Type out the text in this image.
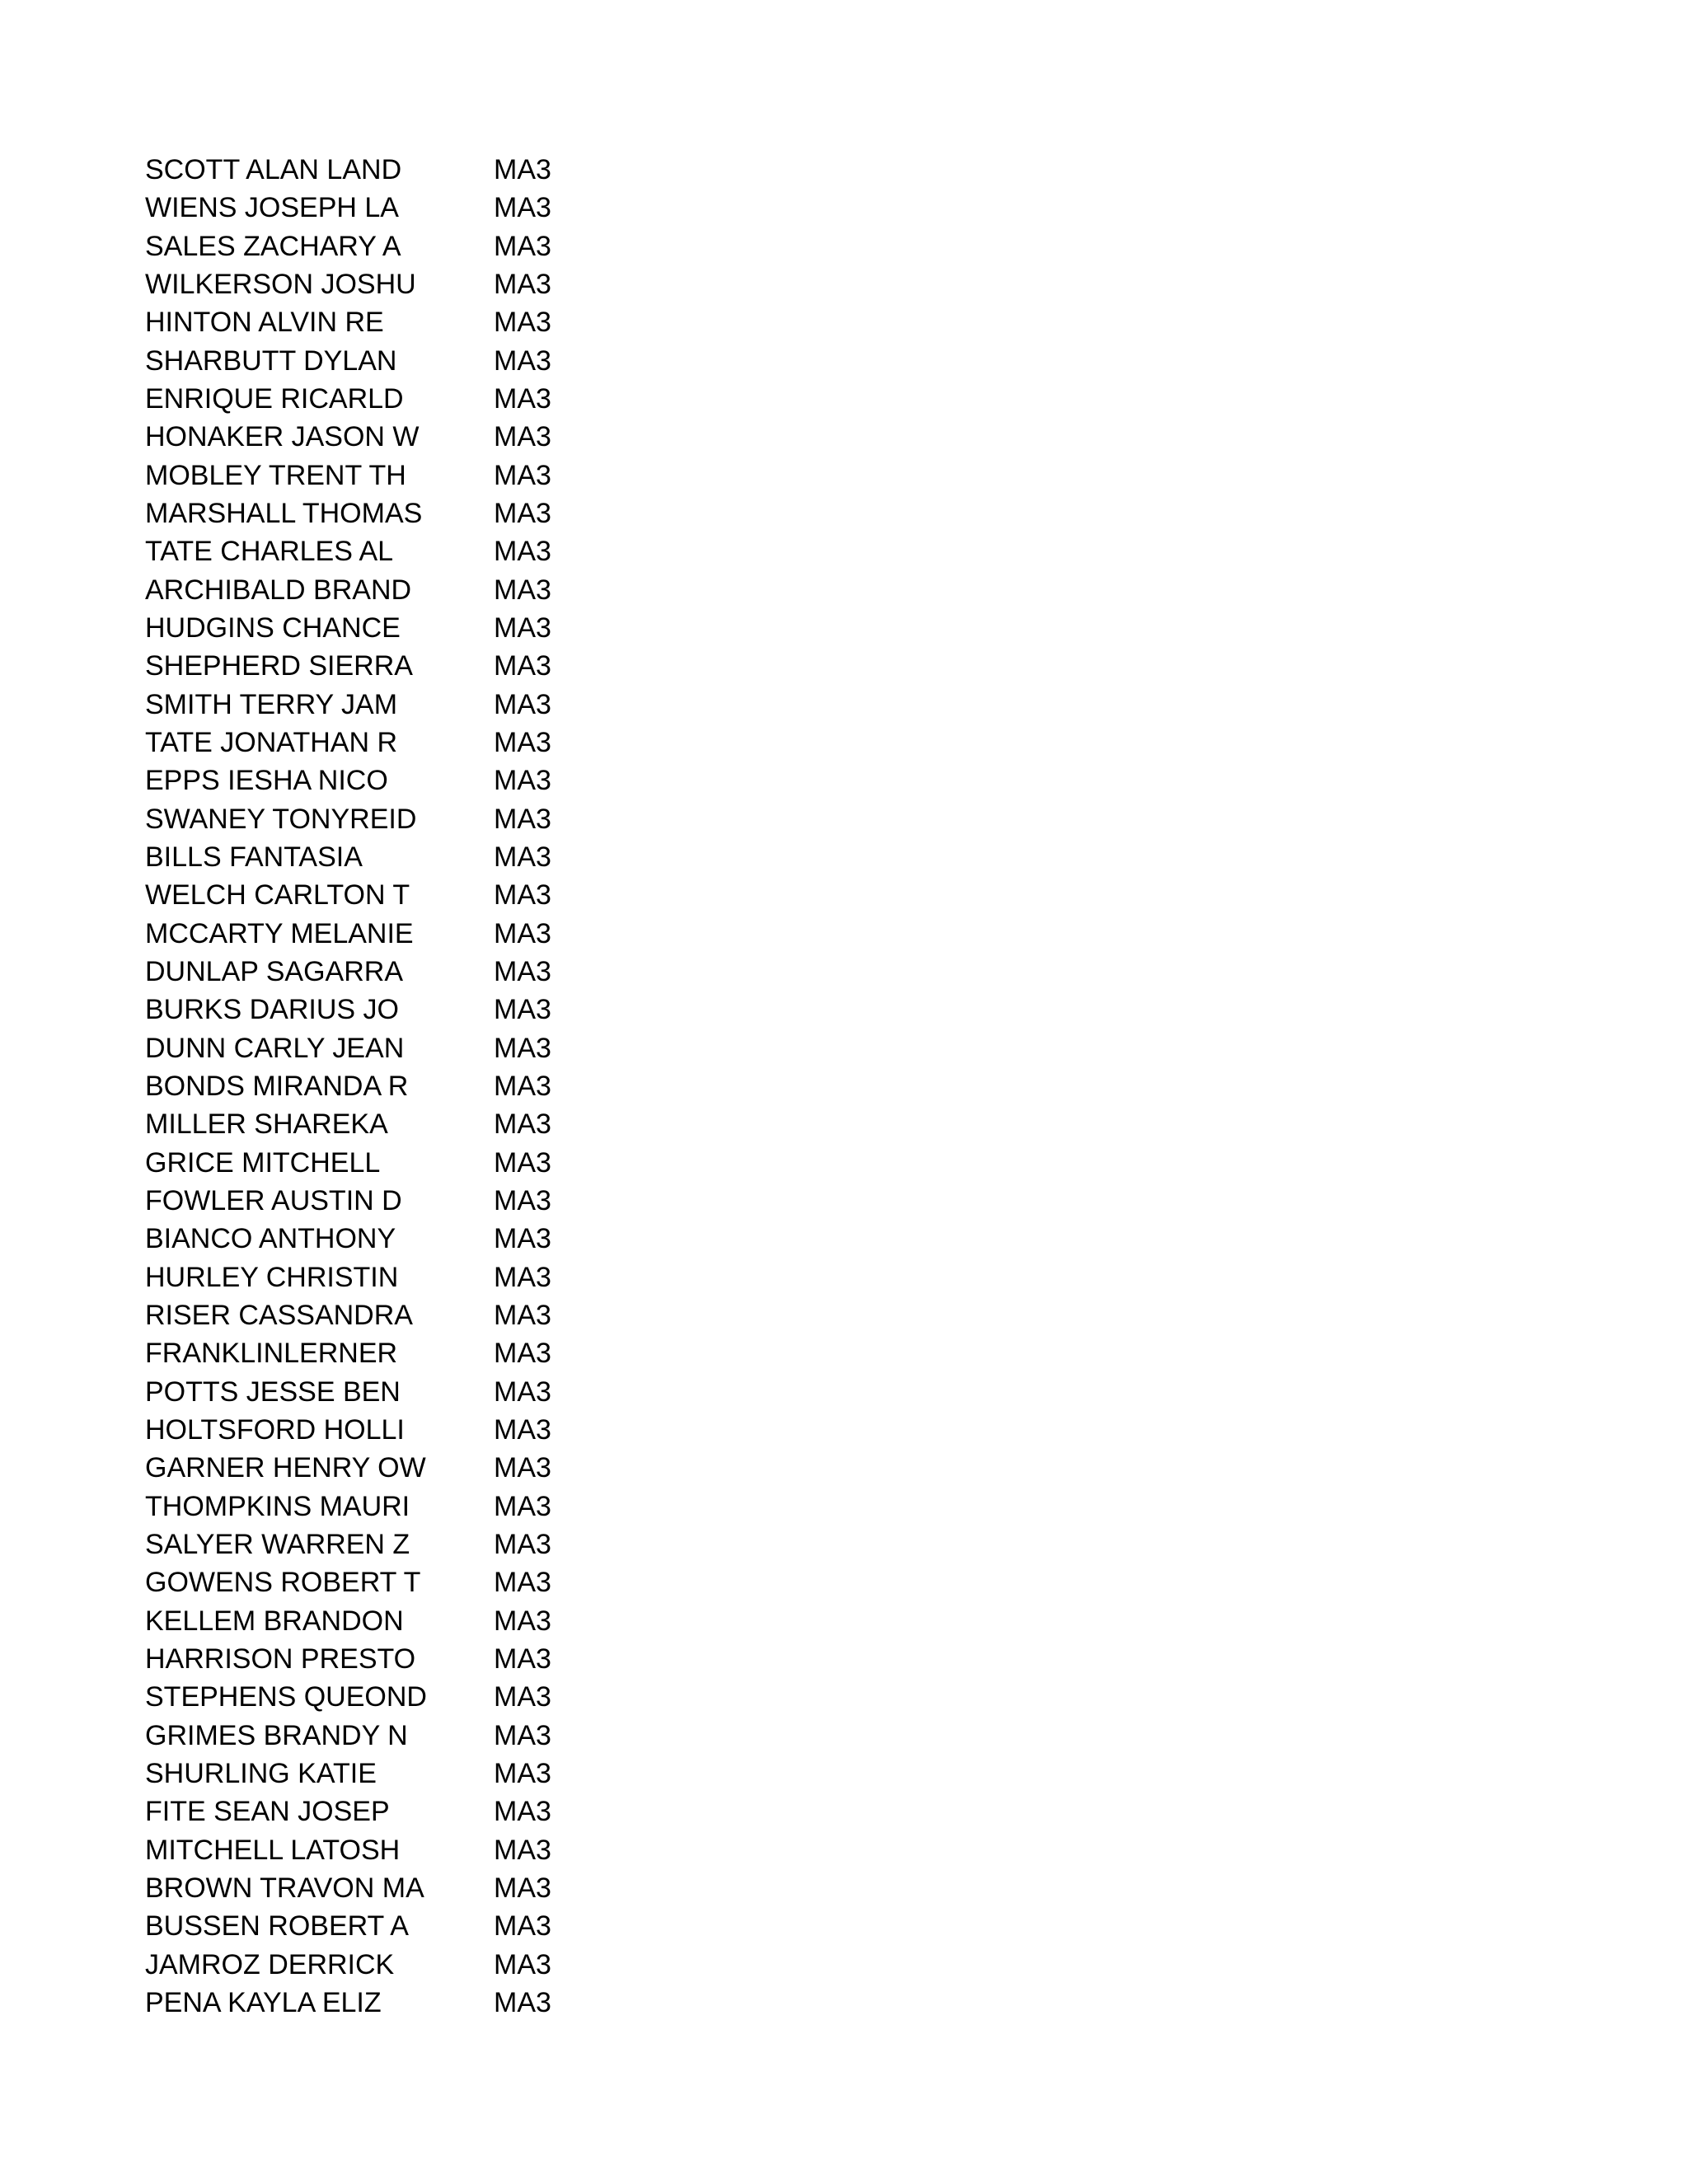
SCOTT ALAN LAND	MA3
WIENS JOSEPH LA	MA3
SALES ZACHARY A	MA3
WILKERSON JOSHU	MA3
HINTON ALVIN RE	MA3
SHARBUTT DYLAN	MA3
ENRIQUE RICARLD	MA3
HONAKER JASON W	MA3
MOBLEY TRENT TH	MA3
MARSHALL THOMAS	MA3
TATE CHARLES AL	MA3
ARCHIBALD BRAND	MA3
HUDGINS CHANCE	MA3
SHEPHERD SIERRA	MA3
SMITH TERRY JAM	MA3
TATE JONATHAN R	MA3
EPPS IESHA NICO	MA3
SWANEY TONYREID	MA3
BILLS FANTASIA	MA3
WELCH CARLTON T	MA3
MCCARTY MELANIE	MA3
DUNLAP SAGARRA	MA3
BURKS DARIUS JO	MA3
DUNN CARLY JEAN	MA3
BONDS MIRANDA R	MA3
MILLER SHAREKA	MA3
GRICE MITCHELL	MA3
FOWLER AUSTIN D	MA3
BIANCO ANTHONY	MA3
HURLEY CHRISTIN	MA3
RISER CASSANDRA	MA3
FRANKLINLERNER	MA3
POTTS JESSE BEN	MA3
HOLTSFORD HOLLI	MA3
GARNER HENRY OW	MA3
THOMPKINS MAURI	MA3
SALYER WARREN Z	MA3
GOWENS ROBERT T	MA3
KELLEM BRANDON	MA3
HARRISON PRESTO	MA3
STEPHENS QUEOND	MA3
GRIMES BRANDY N	MA3
SHURLING KATIE	MA3
FITE SEAN JOSEP	MA3
MITCHELL LATOSH	MA3
BROWN TRAVON MA	MA3
BUSSEN ROBERT A	MA3
JAMROZ DERRICK	MA3
PENA KAYLA ELIZ	MA3
